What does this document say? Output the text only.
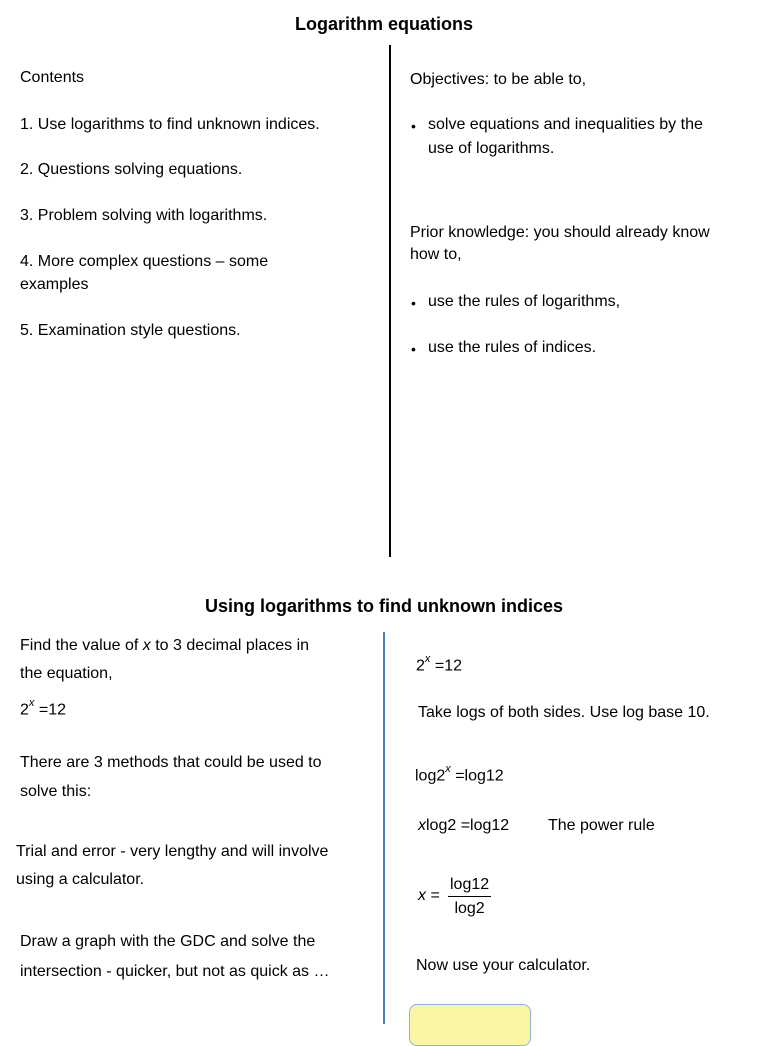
Logarithm equations
Contents
1. Use logarithms to find unknown indices.
2. Questions solving equations.
3. Problem solving with logarithms.
4. More complex questions – some
examples
5. Examination style questions.
Objectives: to be able to,
• solve equations and inequalities by the
use of logarithms.
Prior knowledge: you should already know
how to,
• use the rules of logarithms,
• use the rules of indices.
Using logarithms to find unknown indices
Find the value of x to 3 decimal places in
the equation,
$2^x =12$
There are 3 methods that could be used to
solve this:
Trial and error - very lengthy and will involve
using a calculator.
Draw a graph with the GDC and solve the
intersection - quicker, but not as quick as …
$2^x =12$
Take logs of both sides. Use log base 10.
$\log 2^x =\log 12$
xlog2 =log12 The power rule
$x = \frac{\log 12}{\log 2}$
Now use your calculator.
